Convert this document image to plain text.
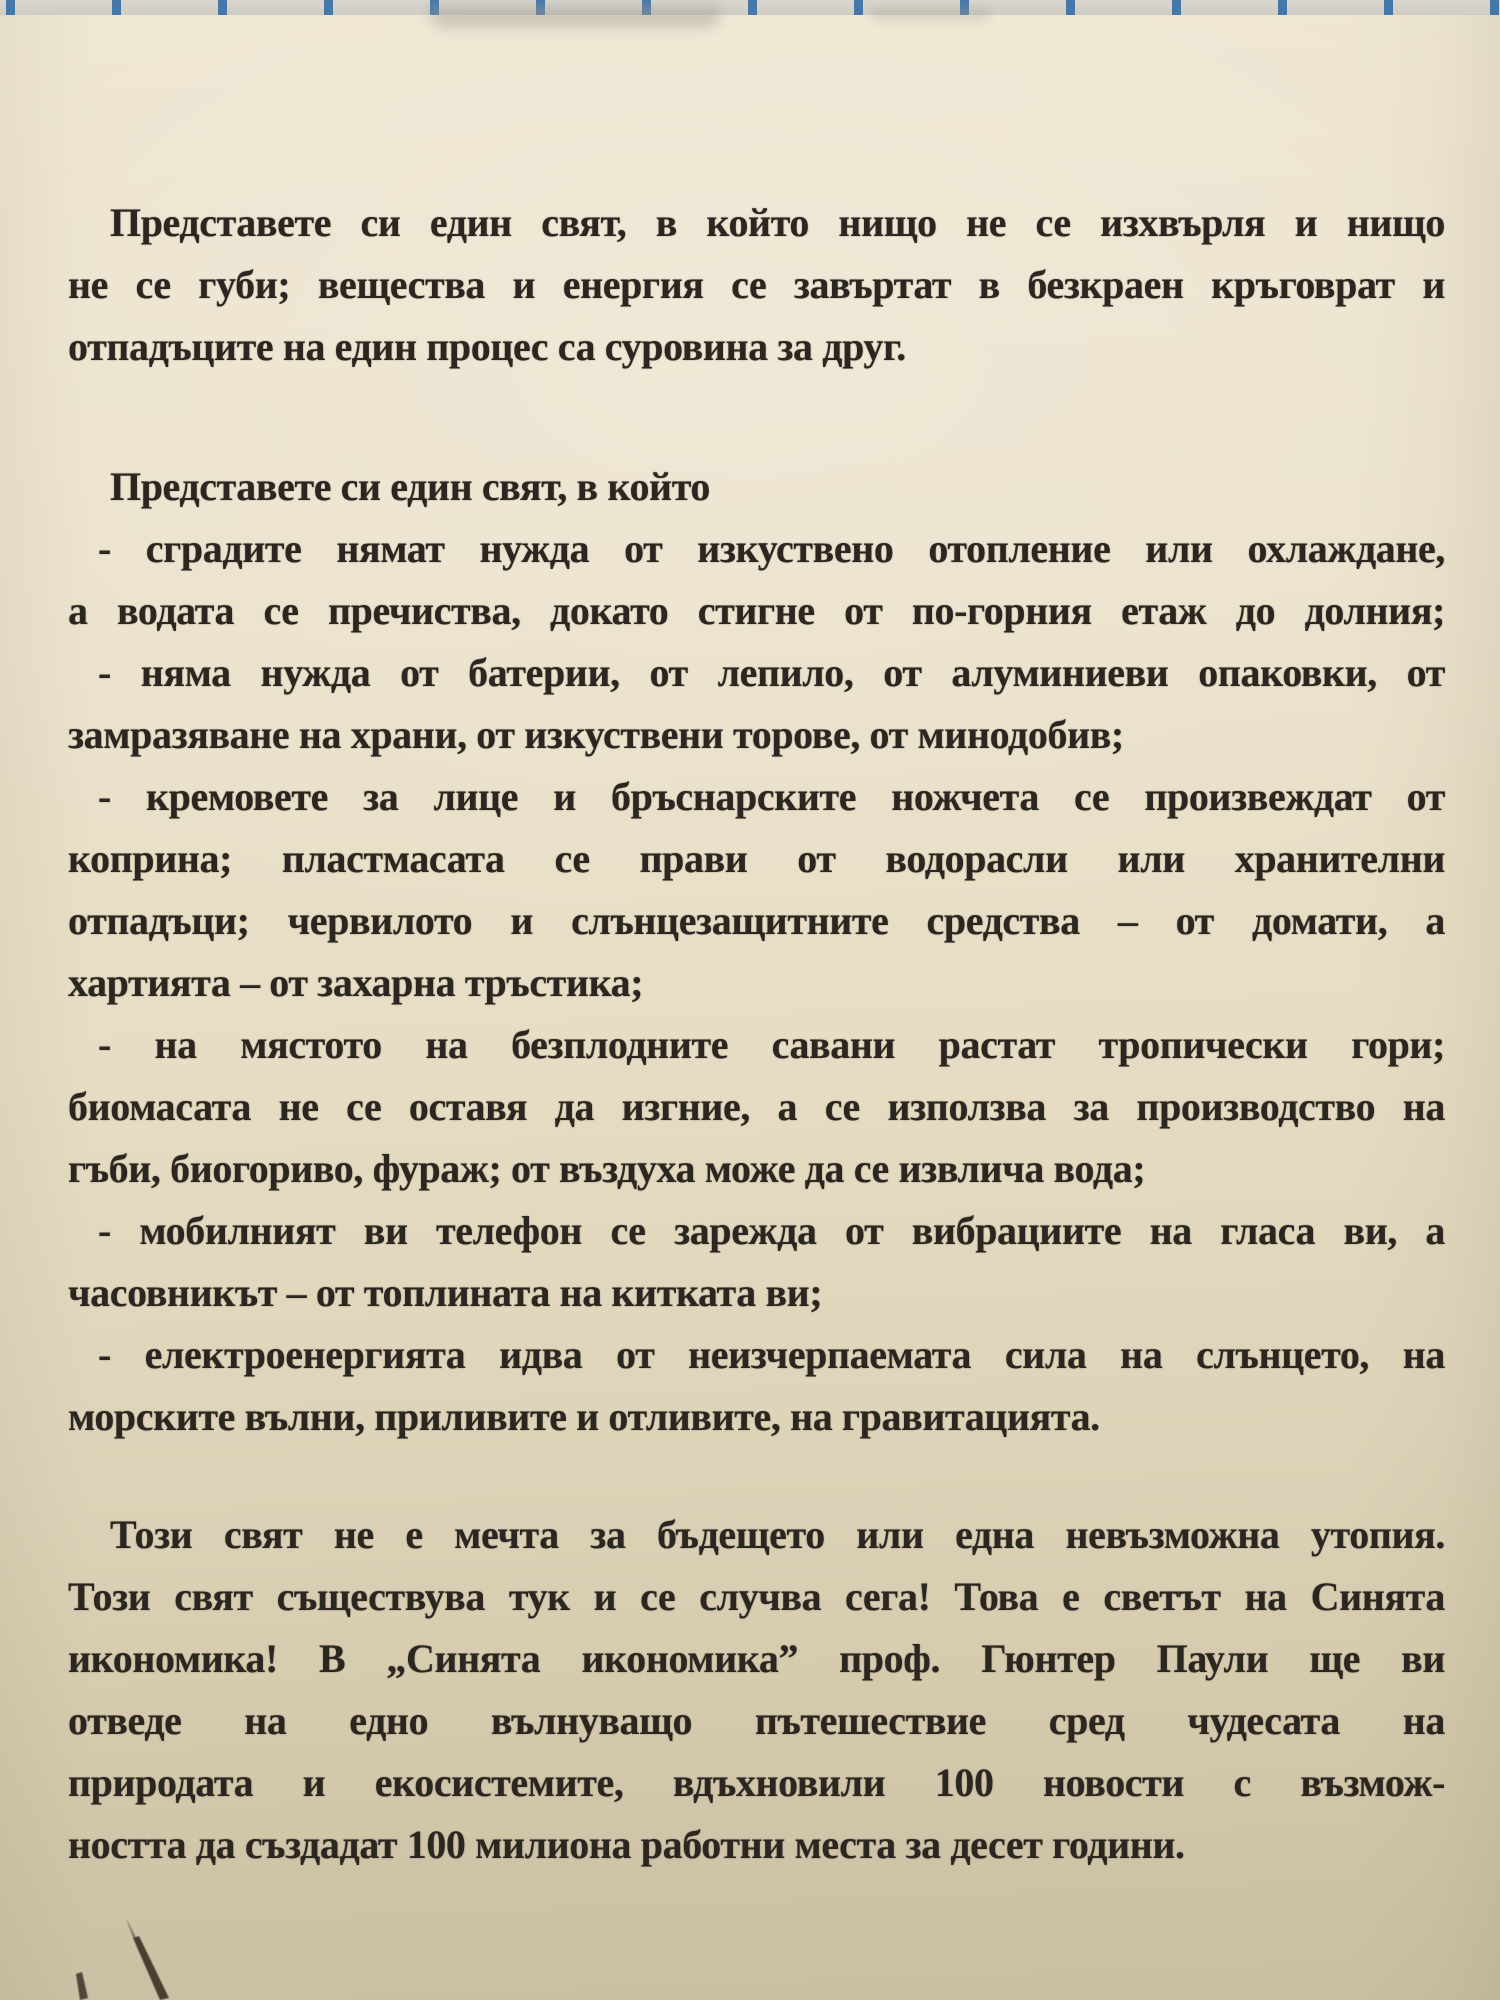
Представете си един свят, в който нищо не се изхвърля и нищо
не се губи; вещества и енергия се завъртат в безкраен кръговрат и
отпадъците на един процес са суровина за друг.

Представете си един свят, в който

- сградите нямат нужда от изкуствено отопление или охлаждане,
а водата се пречиства, докато стигне от по-горния етаж до долния;

- няма нужда от батерии, от лепило, от алуминиеви опаковки, от
замразяване на храни, от изкуствени торове, от минодобив;

- кремовете за лице и бръснарските ножчета се произвеждат от
коприна; пластмасата се прави от водорасли или хранителни
отпадъци; червилото и слънцезащитните средства – от домати, а
хартията – от захарна тръстика;

- на мястото на безплодните савани растат тропически гори;
биомасата не се оставя да изгние, а се използва за производство на
гъби, биогориво, фураж; от въздуха може да се извлича вода;

- мобилният ви телефон се зарежда от вибрациите на гласа ви, а
часовникът – от топлината на китката ви;

- електроенергията идва от неизчерпаемата сила на слънцето, на
морските вълни, приливите и отливите, на гравитацията.

Този свят не е мечта за бъдещето или една невъзможна утопия.
Този свят съществува тук и се случва сега! Това е светът на Синята
икономика! В „Синята икономика” проф. Гюнтер Паули ще ви
отведе на едно вълнуващо пътешествие сред чудесата на
природата и екосистемите, вдъхновили 100 новости с възмож-
ността да създадат 100 милиона работни места за десет години.
